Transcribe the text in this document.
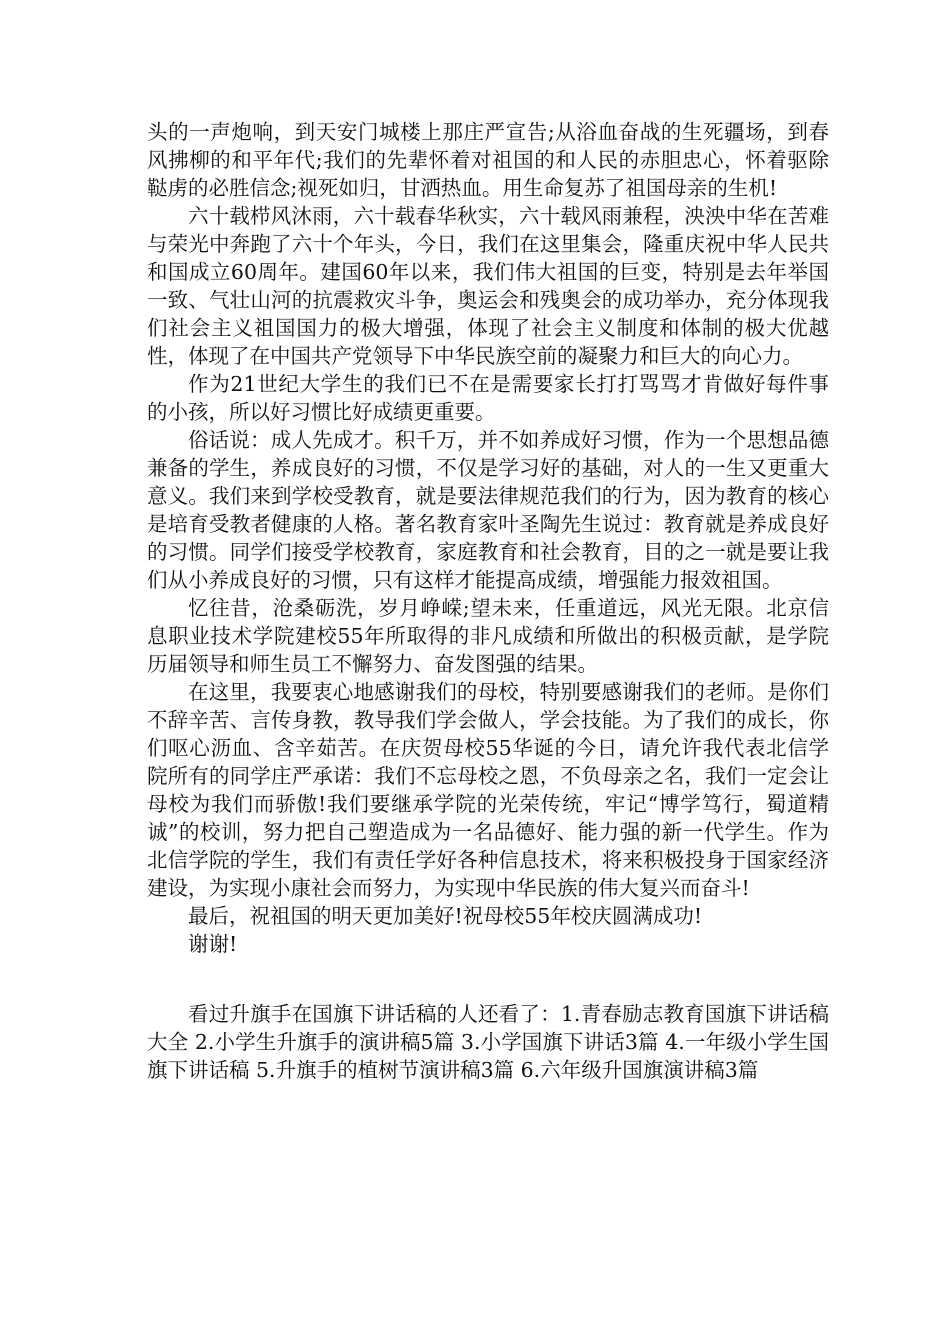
头的一声炮响，到天安门城楼上那庄严宣告;从浴血奋战的生死疆场，到春风拂柳的和平年代;我们的先辈怀着对祖国的和人民的赤胆忠心，怀着驱除鞑虏的必胜信念;视死如归，甘洒热血。用生命复苏了祖国母亲的生机!

六十载栉风沐雨，六十载春华秋实，六十载风雨兼程，泱泱中华在苦难与荣光中奔跑了六十个年头，今日，我们在这里集会，隆重庆祝中华人民共和国成立60周年。建国60年以来，我们伟大祖国的巨变，特别是去年举国一致、气壮山河的抗震救灾斗争，奥运会和残奥会的成功举办，充分体现我们社会主义祖国国力的极大增强，体现了社会主义制度和体制的极大优越性，体现了在中国共产党领导下中华民族空前的凝聚力和巨大的向心力。

作为21世纪大学生的我们已不在是需要家长打打骂骂才肯做好每件事的小孩，所以好习惯比好成绩更重要。

俗话说：成人先成才。积千万，并不如养成好习惯，作为一个思想品德兼备的学生，养成良好的习惯，不仅是学习好的基础，对人的一生又更重大意义。我们来到学校受教育，就是要法律规范我们的行为，因为教育的核心是培育受教者健康的人格。著名教育家叶圣陶先生说过：教育就是养成良好的习惯。同学们接受学校教育，家庭教育和社会教育，目的之一就是要让我们从小养成良好的习惯，只有这样才能提高成绩，增强能力报效祖国。

忆往昔，沧桑砺洗，岁月峥嵘;望未来，任重道远，风光无限。北京信息职业技术学院建校55年所取得的非凡成绩和所做出的积极贡献，是学院历届领导和师生员工不懈努力、奋发图强的结果。

在这里，我要衷心地感谢我们的母校，特别要感谢我们的老师。是你们不辞辛苦、言传身教，教导我们学会做人，学会技能。为了我们的成长，你们呕心沥血、含辛茹苦。在庆贺母校55华诞的今日，请允许我代表北信学院所有的同学庄严承诺：我们不忘母校之恩，不负母亲之名，我们一定会让母校为我们而骄傲!我们要继承学院的光荣传统，牢记“博学笃行，蜀道精诚”的校训，努力把自己塑造成为一名品德好、能力强的新一代学生。作为北信学院的学生，我们有责任学好各种信息技术，将来积极投身于国家经济建设，为实现小康社会而努力，为实现中华民族的伟大复兴而奋斗!

最后，祝祖国的明天更加美好!祝母校55年校庆圆满成功!

谢谢!

看过升旗手在国旗下讲话稿的人还看了：1.青春励志教育国旗下讲话稿大全 2.小学生升旗手的演讲稿5篇 3.小学国旗下讲话3篇 4.一年级小学生国旗下讲话稿 5.升旗手的植树节演讲稿3篇 6.六年级升国旗演讲稿3篇
